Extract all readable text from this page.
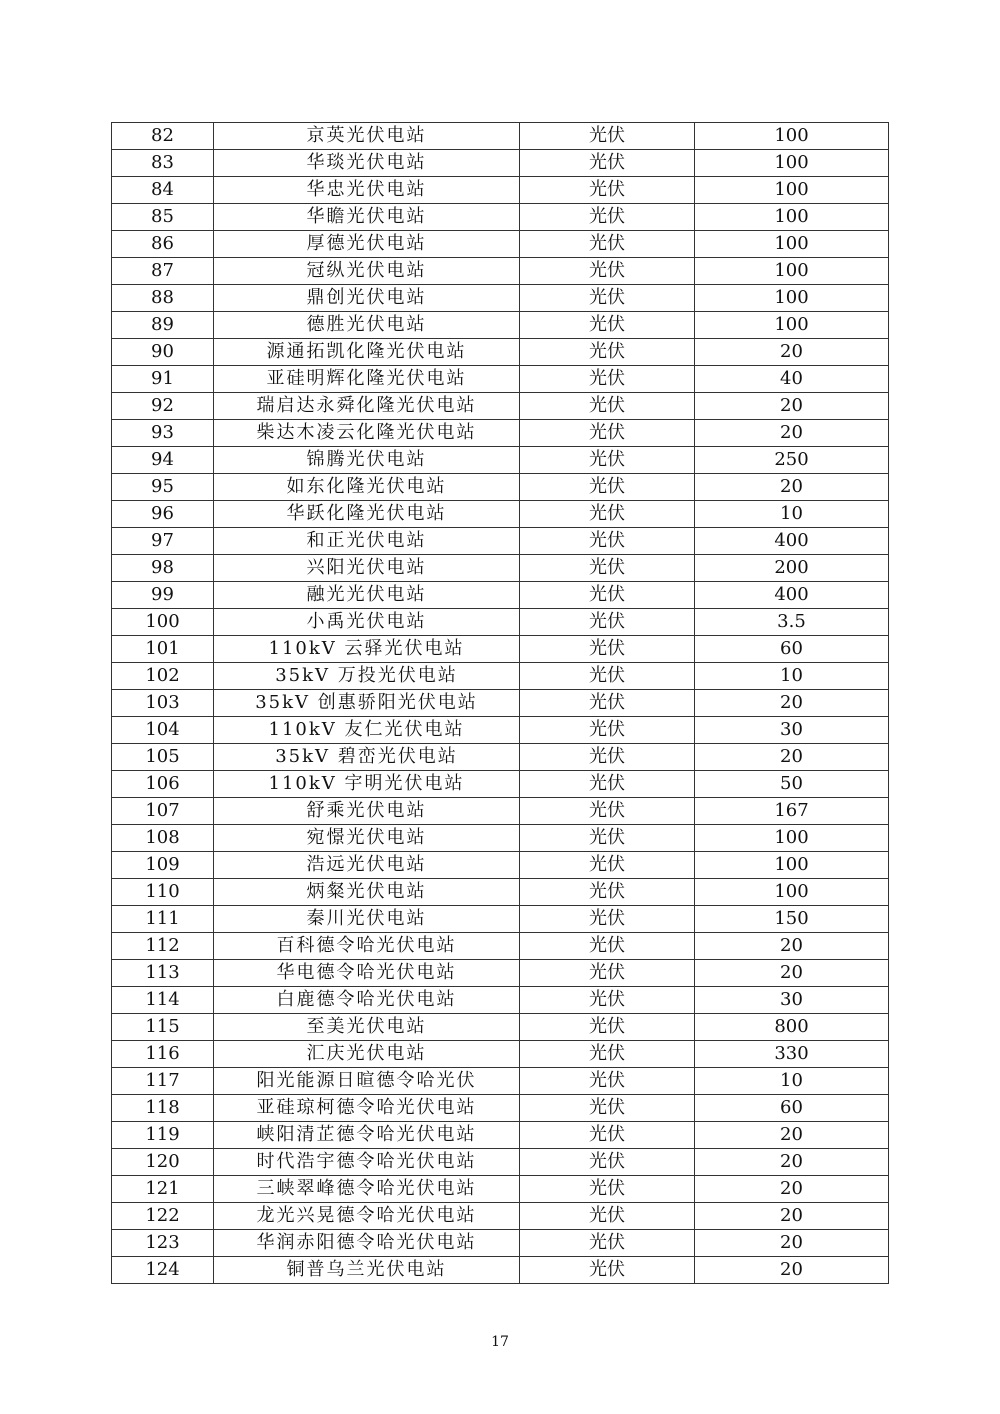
82	京英光伏电站	光伏	100
83	华琰光伏电站	光伏	100
84	华忠光伏电站	光伏	100
85	华瞻光伏电站	光伏	100
86	厚德光伏电站	光伏	100
87	冠纵光伏电站	光伏	100
88	鼎创光伏电站	光伏	100
89	德胜光伏电站	光伏	100
90	源通拓凯化隆光伏电站	光伏	20
91	亚硅明辉化隆光伏电站	光伏	40
92	瑞启达永舜化隆光伏电站	光伏	20
93	柴达木凌云化隆光伏电站	光伏	20
94	锦腾光伏电站	光伏	250
95	如东化隆光伏电站	光伏	20
96	华跃化隆光伏电站	光伏	10
97	和正光伏电站	光伏	400
98	兴阳光伏电站	光伏	200
99	融光光伏电站	光伏	400
100	小禹光伏电站	光伏	3.5
101	110kV 云驿光伏电站	光伏	60
102	35kV 万投光伏电站	光伏	10
103	35kV 创惠骄阳光伏电站	光伏	20
104	110kV 友仁光伏电站	光伏	30
105	35kV 碧峦光伏电站	光伏	20
106	110kV 宇明光伏电站	光伏	50
107	舒乘光伏电站	光伏	167
108	宛憬光伏电站	光伏	100
109	浩远光伏电站	光伏	100
110	炳粲光伏电站	光伏	100
111	秦川光伏电站	光伏	150
112	百科德令哈光伏电站	光伏	20
113	华电德令哈光伏电站	光伏	20
114	白鹿德令哈光伏电站	光伏	30
115	至美光伏电站	光伏	800
116	汇庆光伏电站	光伏	330
117	阳光能源日暄德令哈光伏	光伏	10
118	亚硅琼柯德令哈光伏电站	光伏	60
119	峡阳清芷德令哈光伏电站	光伏	20
120	时代浩宇德令哈光伏电站	光伏	20
121	三峡翠峰德令哈光伏电站	光伏	20
122	龙光兴晃德令哈光伏电站	光伏	20
123	华润赤阳德令哈光伏电站	光伏	20
124	铜普乌兰光伏电站	光伏	20
17
